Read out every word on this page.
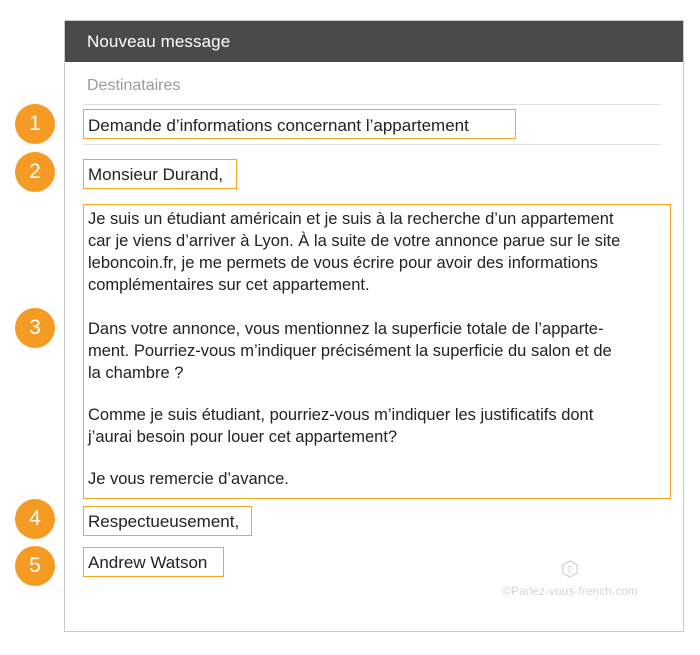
1
2
3
4
5
Nouveau message
Destinataires
Demande d’informations concernant l’appartement
Monsieur Durand,

Je suis un étudiant américain et je suis à la recherche d’un appartement
car je viens d’arriver à Lyon. À la suite de votre annonce parue sur le site
leboncoin.fr, je me permets de vous écrire pour avoir des informations
complémentaires sur cet appartement.

Dans votre annonce, vous mentionnez la superficie totale de l’apparte-
ment. Pourriez-vous m’indiquer précisément la superficie du salon et de
la chambre ?

Comme je suis étudiant, pourriez-vous m’indiquer les justificatifs dont
j’aurai besoin pour louer cet appartement?

Je vous remercie d’avance.

Respectueusement,
Andrew Watson	E
©Parlez-vous-french.com
